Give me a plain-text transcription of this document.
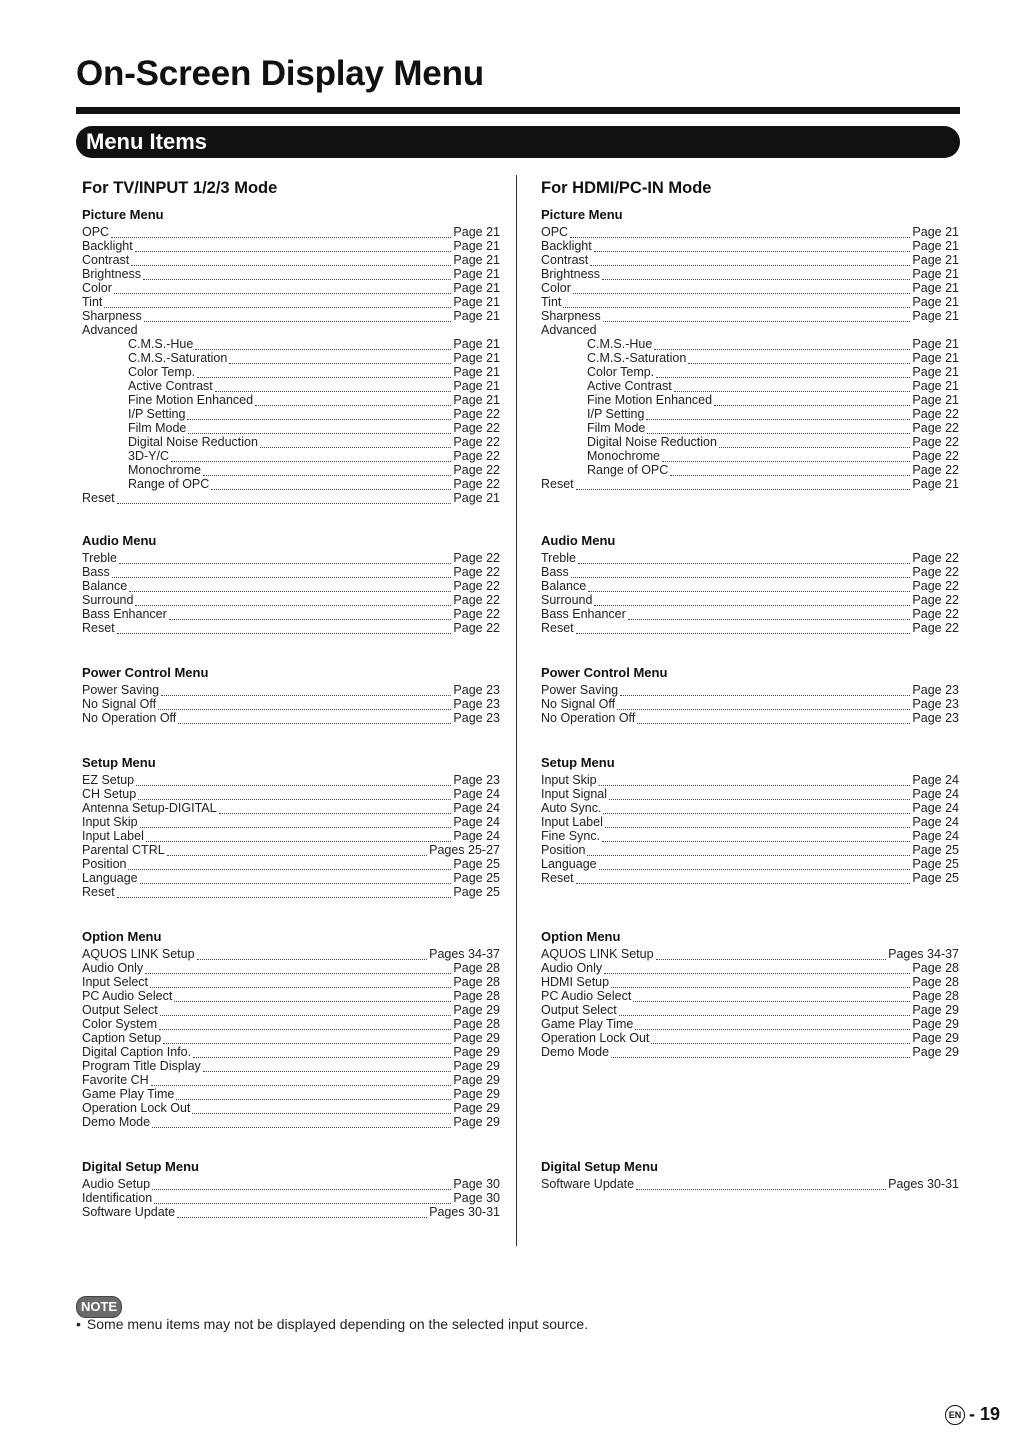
On-Screen Display Menu
Menu Items
For TV/INPUT 1/2/3 Mode
Picture Menu
OPC	Page 21
Backlight	Page 21
Contrast	Page 21
Brightness	Page 21
Color	Page 21
Tint	Page 21
Sharpness	Page 21
Advanced
C.M.S.-Hue	Page 21
C.M.S.-Saturation	Page 21
Color Temp.	Page 21
Active Contrast	Page 21
Fine Motion Enhanced	Page 21
I/P Setting	Page 22
Film Mode	Page 22
Digital Noise Reduction	Page 22
3D-Y/C	Page 22
Monochrome	Page 22
Range of OPC	Page 22
Reset	Page 21
Audio Menu
Treble	Page 22
Bass	Page 22
Balance	Page 22
Surround	Page 22
Bass Enhancer	Page 22
Reset	Page 22
Power Control Menu
Power Saving	Page 23
No Signal Off	Page 23
No Operation Off	Page 23
Setup Menu
EZ Setup	Page 23
CH Setup	Page 24
Antenna Setup-DIGITAL	Page 24
Input Skip	Page 24
Input Label	Page 24
Parental CTRL	Pages 25-27
Position	Page 25
Language	Page 25
Reset	Page 25
Option Menu
AQUOS LINK Setup	Pages 34-37
Audio Only	Page 28
Input Select	Page 28
PC Audio Select	Page 28
Output Select	Page 29
Color System	Page 28
Caption Setup	Page 29
Digital Caption Info.	Page 29
Program Title Display	Page 29
Favorite CH	Page 29
Game Play Time	Page 29
Operation Lock Out	Page 29
Demo Mode	Page 29
Digital Setup Menu
Audio Setup	Page 30
Identification	Page 30
Software Update	Pages 30-31
For HDMI/PC-IN Mode
Picture Menu
OPC	Page 21
Backlight	Page 21
Contrast	Page 21
Brightness	Page 21
Color	Page 21
Tint	Page 21
Sharpness	Page 21
Advanced
C.M.S.-Hue	Page 21
C.M.S.-Saturation	Page 21
Color Temp.	Page 21
Active Contrast	Page 21
Fine Motion Enhanced	Page 21
I/P Setting	Page 22
Film Mode	Page 22
Digital Noise Reduction	Page 22
Monochrome	Page 22
Range of OPC	Page 22
Reset	Page 21
Audio Menu
Treble	Page 22
Bass	Page 22
Balance	Page 22
Surround	Page 22
Bass Enhancer	Page 22
Reset	Page 22
Power Control Menu
Power Saving	Page 23
No Signal Off	Page 23
No Operation Off	Page 23
Setup Menu
Input Skip	Page 24
Input Signal	Page 24
Auto Sync.	Page 24
Input Label	Page 24
Fine Sync.	Page 24
Position	Page 25
Language	Page 25
Reset	Page 25
Option Menu
AQUOS LINK Setup	Pages 34-37
Audio Only	Page 28
HDMI Setup	Page 28
PC Audio Select	Page 28
Output Select	Page 29
Game Play Time	Page 29
Operation Lock Out	Page 29
Demo Mode	Page 29
Digital Setup Menu
Software Update	Pages 30-31
NOTE
• Some menu items may not be displayed depending on the selected input source.
EN - 19
